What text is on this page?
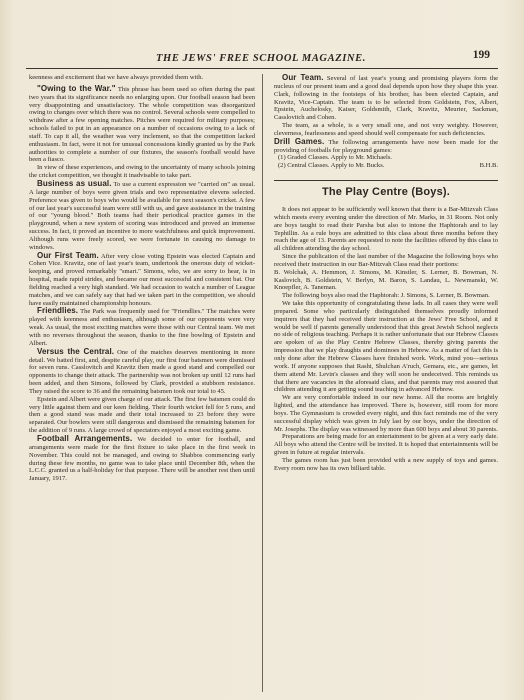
THE JEWS' FREE SCHOOL MAGAZINE.	199

keenness and excitement that we have always provided them with.

"Owing to the War." This phrase has been used so often during the past two years that its significance needs no enlarging upon. Our football season had been very disappointing and unsatisfactory. The whole competition was disorganized owing to changes over which there was no control. Several schools were compelled to withdraw after a few opening matches. Pitches were required for military purposes; schools failed to put in an appearance on a number of occasions owing to a lack of staff. To cap it all, the weather was very inclement, so that the competition lacked enthusiasm. In fact, were it not for unusual concessions kindly granted us by the Park authorities to complete a number of our fixtures, the season's football would have been a fiasco.

In view of these experiences, and owing to the uncertainty of many schools joining the cricket competition, we thought it inadvisable to take part.

Business as usual. To use a current expression we "carried on" as usual. A large number of boys were given trials and two representative elevens selected. Preference was given to boys who would be available for next season's cricket. A few of our last year's successful team were still with us, and gave assistance in the training of our "young blood." Both teams had their periodical practice games in the playground, when a new system of scoring was introduced and proved an immense success. In fact, it proved an incentive to more watchfulness and quick improvement. Although runs were freely scored, we were fortunate in causing no damage to windows.

Our First Team. After very close voting Epstein was elected Captain and Cohen Vice. Kravitz, one of last year's team, undertook the onerous duty of wicket-keeping, and proved remarkably "smart." Simons, who, we are sorry to hear, is in hospital, made rapid strides, and became our most successful and consistent bat. Our fielding reached a very high standard. We had occasion to watch a number of League matches, and we can safely say that had we taken part in the competition, we should have easily maintained championship honours.

Friendlies. The Park was frequently used for "Friendlies." The matches were played with keenness and enthusiasm, although some of our opponents were very weak. As usual, the most exciting matches were those with our Central team. We met with no reverses throughout the season, thanks to the fine bowling of Epstein and Albert.

Versus the Central. One of the matches deserves mentioning in more detail. We batted first, and, despite careful play, our first four batsmen were dismissed for seven runs. Casslovitch and Kravitz then made a good stand and compelled our opponents to change their attack. The partnership was not broken up until 12 runs had been added, and then Simons, followed by Clark, provided a stubborn resistance. They raised the score to 36 and the remaining batsmen took our total to 45.

Epstein and Albert were given charge of our attack. The first few batsmen could do very little against them and our keen fielding. Their fourth wicket fell for 5 runs, and then a good stand was made and their total increased to 23 before they were separated. Our bowlers were still dangerous and dismissed the remaining batsmen for the addition of 9 runs. A large crowd of spectators enjoyed a most exciting game.

Football Arrangements. We decided to enter for football, and arrangements were made for the first fixture to take place in the first week in November. This could not be managed, and owing to Shabbos commencing early during these few months, no game was to take place until December 8th, when the L.C.C. granted us a half-holiday for that purpose. There will be another rest then until January, 1917.

Our Team. Several of last year's young and promising players form the nucleus of our present team and a good deal depends upon how they shape this year. Clark, following in the footsteps of his brother, has been elected Captain, and Kravitz, Vice-Captain. The team is to be selected from Goldstein, Fox, Albert, Epstein, Auchelosky, Kaiser, Goldsmith, Clark, Kravitz, Meurier, Sackman, Casslovitch and Cohen.

The team, as a whole, is a very small one, and not very weighty. However, cleverness, fearlessness and speed should well compensate for such deficiencies.

Drill Games. The following arrangements have now been made for the providing of footballs for playground games:

(1) Graded Classes. Apply to Mr. Michaels.

(2) Central Classes. Apply to Mr. Bucks.	B.H.B.

The Play Centre (Boys).

It does not appear to be sufficiently well known that there is a Bar-Mitzvah Class which meets every evening under the direction of Mr. Marks, in 31 Room. Not only are boys taught to read their Parsha but also to intone the Haphtorah and to lay Tephillin. As a rule boys are admitted to this class about three months before they reach the age of 13. Parents are requested to note the facilities offered by this class to all children attending the day school.

Since the publication of the last number of the Magazine the following boys who received their instruction in our Bar-Mitzvah Class read their portions:

B. Wolchak, A. Hemmon, J. Simons, M. Kinstler, S. Lerner, B. Bowman, N. Kaslovich, B. Goldstein, V. Berlyn, M. Baron, S. Landau, L. Newmanski, W. Knoepfler, A. Taneman.

The following boys also read the Haphtorah: J. Simons, S. Lerner, B. Bowman.

We take this opportunity of congratulating these lads. In all cases they were well prepared. Some who particularly distinguished themselves proudly informed inquirers that they had received their instruction at the Jews' Free School, and it would be well if parents generally understood that this great Jewish School neglects no side of religious teaching. Perhaps it is rather unfortunate that our Hebrew Classes are spoken of as the Play Centre Hebrew Classes, thereby giving parents the impression that we play draughts and dominoes in Hebrew. As a matter of fact this is only done after the Hebrew Classes have finished work. Work, mind you—serious work. If anyone supposes that Rashi, Shulchan A'ruch, Gemara, etc., are games, let them attend Mr. Levin's classes and they will soon be undeceived. This reminds us that there are vacancies in the aforesaid class, and that parents may rest assured that children attending it are getting sound teaching in advanced Hebrew.

We are very comfortable indeed in our new home. All the rooms are brightly lighted, and the attendance has improved. There is, however, still room for more boys. The Gymnasium is crowded every night, and this fact reminds me of the very successful display which was given in July last by our boys, under the direction of Mr. Josephs. The display was witnessed by more than 600 boys and about 30 parents.

Preparations are being made for an entertainment to be given at a very early date. All boys who attend the Centre will be invited. It is hoped that entertainments will be given in future at regular intervals.

The games room has just been provided with a new supply of toys and games. Every room now has its own billiard table.
